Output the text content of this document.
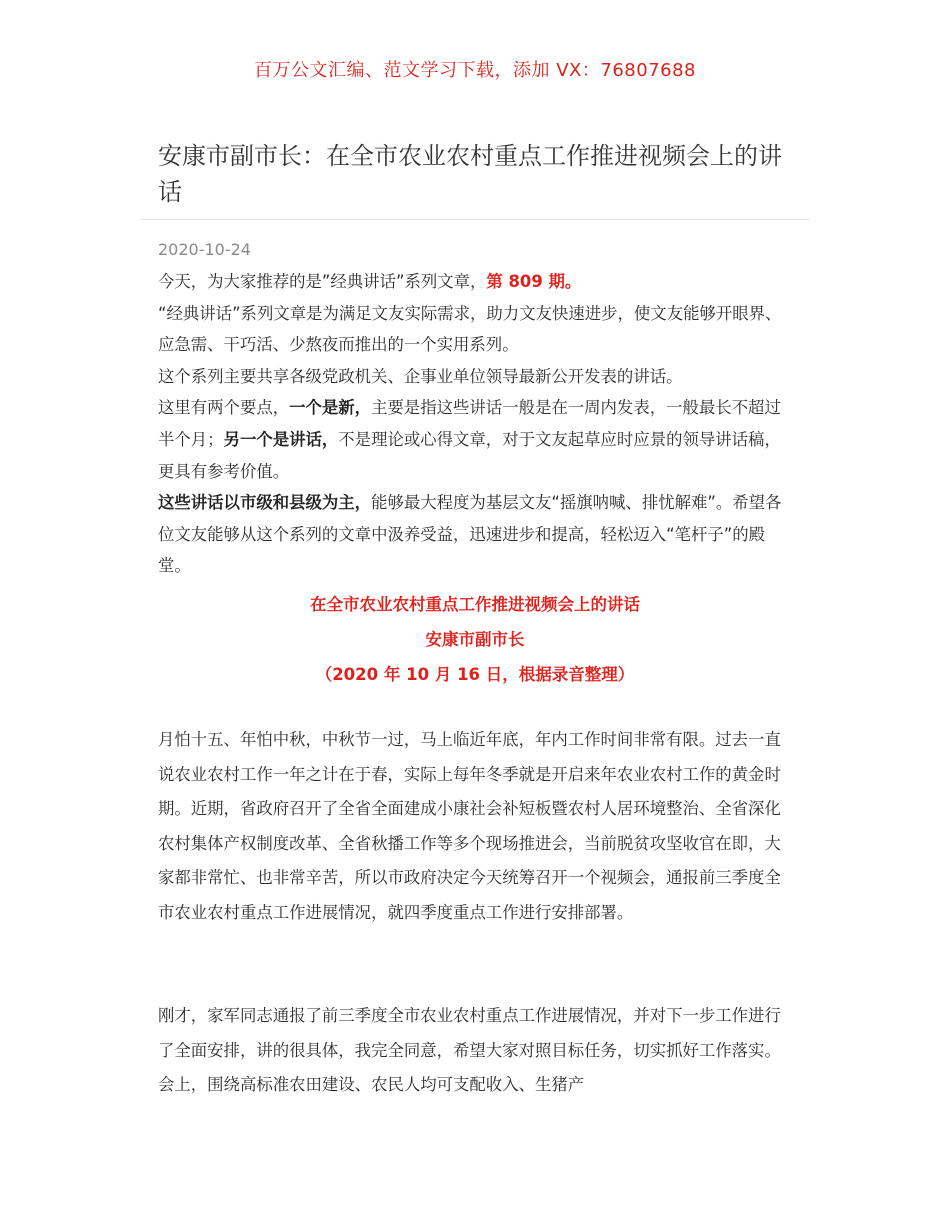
百万公文汇编、范文学习下载，添加 VX：76807688
安康市副市长：在全市农业农村重点工作推进视频会上的讲话
2020-10-24

今天，为大家推荐的是”经典讲话”系列文章，第 809 期。

“经典讲话”系列文章是为满足文友实际需求，助力文友快速进步，使文友能够开眼界、应急需、干巧活、少熬夜而推出的一个实用系列。

这个系列主要共享各级党政机关、企事业单位领导最新公开发表的讲话。

这里有两个要点，一个是新，主要是指这些讲话一般是在一周内发表，一般最长不超过半个月；另一个是讲话，不是理论或心得文章，对于文友起草应时应景的领导讲话稿，更具有参考价值。

这些讲话以市级和县级为主，能够最大程度为基层文友“摇旗呐喊、排忧解难”。希望各位文友能够从这个系列的文章中汲养受益，迅速进步和提高，轻松迈入“笔杆子”的殿堂。

在全市农业农村重点工作推进视频会上的讲话
安康市副市长
（2020 年 10 月 16 日，根据录音整理）

月怕十五、年怕中秋，中秋节一过，马上临近年底，年内工作时间非常有限。过去一直说农业农村工作一年之计在于春，实际上每年冬季就是开启来年农业农村工作的黄金时期。近期，省政府召开了全省全面建成小康社会补短板暨农村人居环境整治、全省深化农村集体产权制度改革、全省秋播工作等多个现场推进会，当前脱贫攻坚收官在即，大家都非常忙、也非常辛苦，所以市政府决定今天统筹召开一个视频会，通报前三季度全市农业农村重点工作进展情况，就四季度重点工作进行安排部署。

刚才，家军同志通报了前三季度全市农业农村重点工作进展情况，并对下一步工作进行了全面安排，讲的很具体，我完全同意，希望大家对照目标任务，切实抓好工作落实。会上，围绕高标准农田建设、农民人均可支配收入、生猪产
